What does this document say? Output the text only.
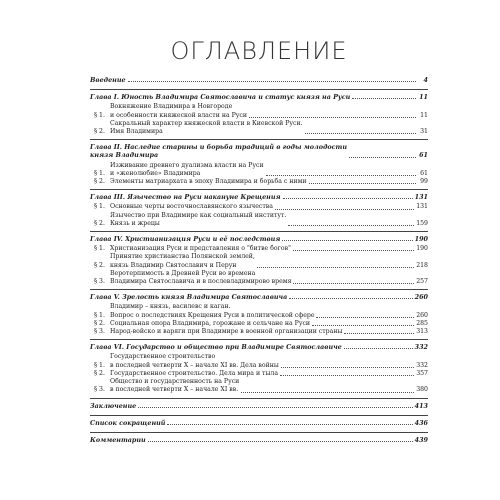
ОГЛАВЛЕНИЕ
Введение	4
Глава I. Юность Владимира Святославича и статус князя на Руси	11
§ 1.
Вокняжение Владимира в Новгороде
и особенности княжеской власти на Руси	11
§ 2.
Сакральный характер княжеской власти в Киевской Руси.
Имя Владимира	31
Глава II. Наследие старины и борьба традиций в годы молодости
князя Владимира	61
§ 1.
Изживание древнего дуализма власти на Руси
и «женолюбие» Владимира	61
§ 2. Элементы матриархата в эпоху Владимира и борьба с ними	99
Глава III. Язычество на Руси накануне Крещения	131
§ 1. Основные черты восточнославянского язычества	131
§ 2.
Язычество при Владимире как социальный институт.
Князь и жрецы	159
Глава IV. Христианизация Руси и её последствия	190
§ 1. Христианизация Руси и представления о "битве богов"	190
§ 2.
Принятие христианства Полянской землей,
князь Владимир Святославич и Перун	218
§ 3.
Веротерпимость в Древней Руси во времена
Владимира Святославича и в послевладимирово время	257
Глава V. Зрелость князя Владимира Святославича	260
§ 1.
Владимир – князь, василевс и каган.
Вопрос о последствиях Крещения Руси в политической сфере	260
§ 2. Социальная опора Владимира, горожане и сельчане на Руси	285
§ 3. Народ-войско и варяги при Владимире в военной организации страны	313
Глава VI. Государство и общество при Владимире Святославиче	332
§ 1.
Государственное строительство
в последней четверти X – начале XI вв. Дела войны	332
§ 2. Государственное строительство. Дела мира и тыла	357
§ 3.
Общество и государственность на Руси
в последней четверти X – начале XI вв.	380
Заключение	413
Список сокращений	436
Комментарии	439
